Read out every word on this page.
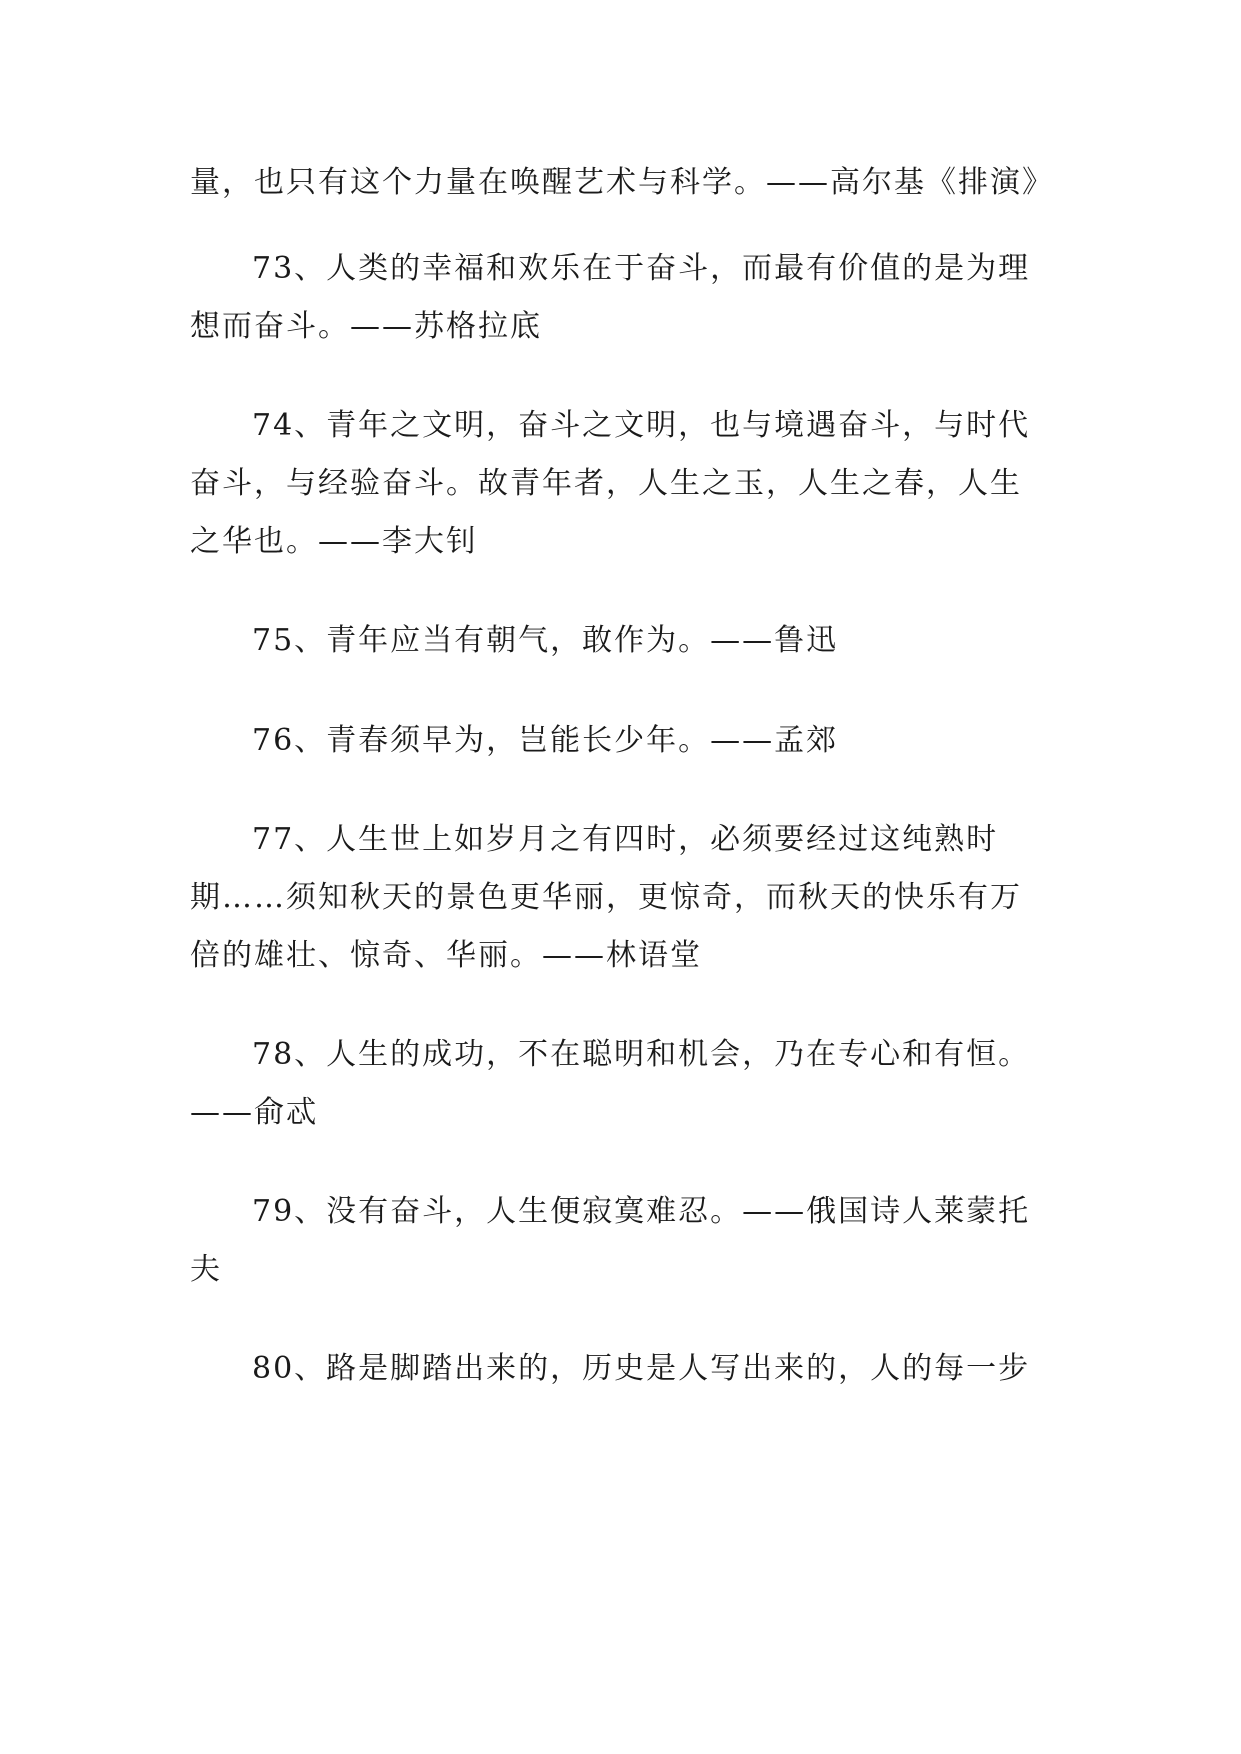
量，也只有这个力量在唤醒艺术与科学。——高尔基《排演》
73、人类的幸福和欢乐在于奋斗，而最有价值的是为理
想而奋斗。——苏格拉底
74、青年之文明，奋斗之文明，也与境遇奋斗，与时代
奋斗，与经验奋斗。故青年者，人生之玉，人生之春，人生
之华也。——李大钊
75、青年应当有朝气，敢作为。——鲁迅
76、青春须早为，岂能长少年。——孟郊
77、人生世上如岁月之有四时，必须要经过这纯熟时
期……须知秋天的景色更华丽，更惊奇，而秋天的快乐有万
倍的雄壮、惊奇、华丽。——林语堂
78、人生的成功，不在聪明和机会，乃在专心和有恒。
——俞忒
79、没有奋斗，人生便寂寞难忍。——俄国诗人莱蒙托
夫
80、路是脚踏出来的，历史是人写出来的，人的每一步
